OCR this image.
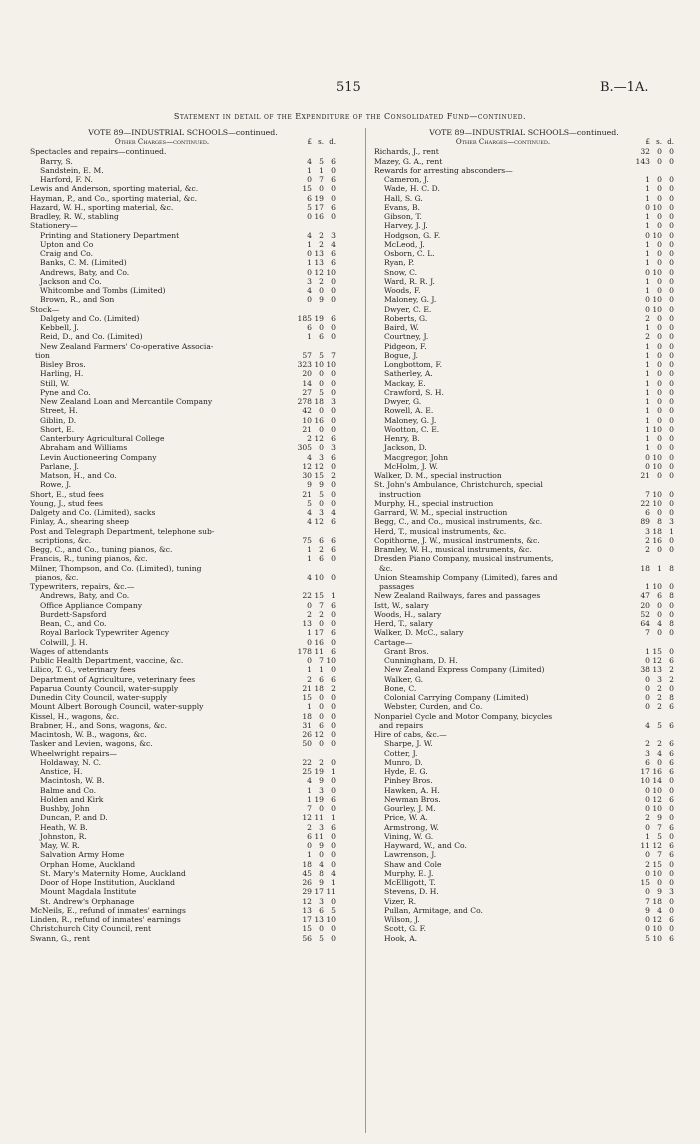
515	B.—1A.
Statement in detail of the Expenditure of the Consolidated Fund—continued.
VOTE 89—INDUSTRIAL SCHOOLS—continued.
Other Charges—continued.	£ s. d.
Spectacles and repairs—continued.
Barry, S.	4 5 6
Sandstein, E. M.	1 1 0
Harford, F. N.	0 7 6
Lewis and Anderson, sporting material, &c.	15 0 0
Hayman, P., and Co., sporting material, &c.	6 19 0
Hazard, W. H., sporting material, &c.	5 17 6
Bradley, R. W., stabling	0 16 0
Stationery—
Printing and Stationery Department	4 2 3
Upton and Co	1 2 4
Craig and Co.	0 13 6
Banks, C. M. (Limited)	1 13 6
Andrews, Baty, and Co.	0 12 10
Jackson and Co.	3 2 0
Whitcombe and Tombs (Limited)	4 0 0
Brown, R., and Son	0 9 0
Stock—
Dalgety and Co. (Limited)	185 19 6
Kebbell, J.	6 0 0
Reid, D., and Co. (Limited)	1 6 0
New Zealand Farmers' Co-operative Associa-
tion	57 5 7
Bisley Bros.	323 10 10
Harling, H.	20 0 0
Still, W.	14 0 0
Pyne and Co.	27 5 0
New Zealand Loan and Mercantile Company	278 18 3
Street, H.	42 0 0
Giblin, D.	10 16 0
Short, E.	21 0 0
Canterbury Agricultural College	2 12 6
Abraham and Williams	305 0 3
Levin Auctioneering Company	4 3 6
Parlane, J.	12 12 0
Matson, H., and Co.	30 15 2
Rowe, J.	9 9 0
Short, E., stud fees	21 5 0
Young, J., stud fees	5 0 0
Dalgety and Co. (Limited), sacks	4 3 4
Finlay, A., shearing sheep	4 12 6
Post and Telegraph Department, telephone sub-
scriptions, &c.	75 6 6
Begg, C., and Co., tuning pianos, &c.	1 2 6
Francis, R., tuning pianos, &c.	1 6 0
Milner, Thompson, and Co. (Limited), tuning
pianos, &c.	4 10 0
Typewriters, repairs, &c.—
Andrews, Baty, and Co.	22 15 1
Office Appliance Company	0 7 6
Burdett-Sapsford	2 2 0
Bean, C., and Co.	13 0 0
Royal Barlock Typewriter Agency	1 17 6
Colwill, J. H.	0 16 0
Wages of attendants	178 11 6
Public Health Department, vaccine, &c.	0 7 10
Lilico, T. G., veterinary fees	1 1 0
Department of Agriculture, veterinary fees	2 6 6
Paparua County Council, water-supply	21 18 2
Dunedin City Council, water-supply	15 0 0
Mount Albert Borough Council, water-supply	1 0 0
Kissel, H., wagons, &c.	18 0 0
Brabner, H., and Sons, wagons, &c.	31 6 0
Macintosh, W. B., wagons, &c.	26 12 0
Tasker and Levien, wagons, &c.	50 0 0
Wheelwright repairs—
Holdaway, N. C.	22 2 0
Anstice, H.	25 19 1
Macintosh, W. B.	4 9 0
Balme and Co.	1 3 0
Holden and Kirk	1 19 6
Bushby, John	7 0 0
Duncan, P. and D.	12 11 1
Heath, W. B.	2 3 6
Johnston, R.	6 11 0
May, W. R.	0 9 0
Salvation Army Home	1 0 0
Orphan Home, Auckland	18 4 0
St. Mary's Maternity Home, Auckland	45 8 4
Door of Hope Institution, Auckland	26 9 1
Mount Magdala Institute	29 17 11
St. Andrew's Orphanage	12 3 0
McNeils, E., refund of inmates' earnings	13 6 5
Linden, R., refund of inmates' earnings	17 13 10
Christchurch City Council, rent	15 0 0
Swann, G., rent	56 5 0
VOTE 89—INDUSTRIAL SCHOOLS—continued.
Other Charges—continued.	£ s. d.
Richards, J., rent	32 0 0
Mazey, G. A., rent	143 0 0
Rewards for arresting absconders—
Cameron, J.	1 0 0
Wade, H. C. D.	1 0 0
Hall, S. G.	1 0 0
Evans, B.	0 10 0
Gibson, T.	1 0 0
Harvey, J. J.	1 0 0
Hodgson, G. F.	0 10 0
McLeod, J.	1 0 0
Osborn, C. L.	1 0 0
Ryan, P.	1 0 0
Snow, C.	0 10 0
Ward, R. R. J.	1 0 0
Woods, F.	1 0 0
Maloney, G. J.	0 10 0
Dwyer, C. E.	0 10 0
Roberts, G.	2 0 0
Baird, W.	1 0 0
Courtney, J.	2 0 0
Pidgeon, F.	1 0 0
Bogue, J.	1 0 0
Longbottom, F.	1 0 0
Satherley, A.	1 0 0
Mackay, E.	1 0 0
Crawford, S. H.	1 0 0
Dwyer, G.	1 0 0
Rowell, A. E.	1 0 0
Maloney, G. J.	1 0 0
Wootton, C. E.	1 10 0
Henry, B.	1 0 0
Jackson, D.	1 0 0
Macgregor, John	0 10 0
McHolm, J. W.	0 10 0
Walker, D. M., special instruction	21 0 0
St. John's Ambulance, Christchurch, special
instruction	7 10 0
Murphy, H., special instruction	22 10 0
Garrard, W. M., special instruction	6 0 0
Begg, C., and Co., musical instruments, &c.	89 8 3
Herd, T., musical instruments, &c.	3 18 1
Copithorne, J. W., musical instruments, &c.	2 16 0
Bramley, W. H., musical instruments, &c.	2 0 0
Dresden Piano Company, musical instruments,
&c.	18 1 8
Union Steamship Company (Limited), fares and
passages	1 10 0
New Zealand Railways, fares and passages	47 6 8
Istt, W., salary	20 0 0
Woods, H., salary	52 0 0
Herd, T., salary	64 4 8
Walker, D. McC., salary	7 0 0
Cartage—
Grant Bros.	1 15 0
Cunningham, D. H.	0 12 6
New Zealand Express Company (Limited)	38 13 2
Walker, G.	0 3 2
Bone, C.	0 2 0
Colonial Carrying Company (Limited)	0 2 8
Webster, Curden, and Co.	0 2 6
Nonpariel Cycle and Motor Company, bicycles
and repairs	4 5 6
Hire of cabs, &c.—
Sharpe, J. W.	2 2 6
Cotter, J.	3 4 6
Munro, D.	6 0 6
Hyde, E. G.	17 16 6
Pinhey Bros.	10 14 0
Hawken, A. H.	0 10 0
Newman Bros.	0 12 6
Gourley, J. M.	0 10 0
Price, W. A.	2 9 0
Armstrong, W.	0 7 6
Vining, W. G.	1 5 0
Hayward, W., and Co.	11 12 6
Lawrenson, J.	0 7 6
Shaw and Cole	2 15 0
Murphy, E. J.	0 10 0
McElligott, T.	15 0 0
Stevens, D. H.	0 9 3
Vizer, R.	7 18 0
Pullan, Armitage, and Co.	9 4 0
Wilson, J.	0 12 6
Scott, G. F.	0 10 0
Hook, A.	5 10 6
